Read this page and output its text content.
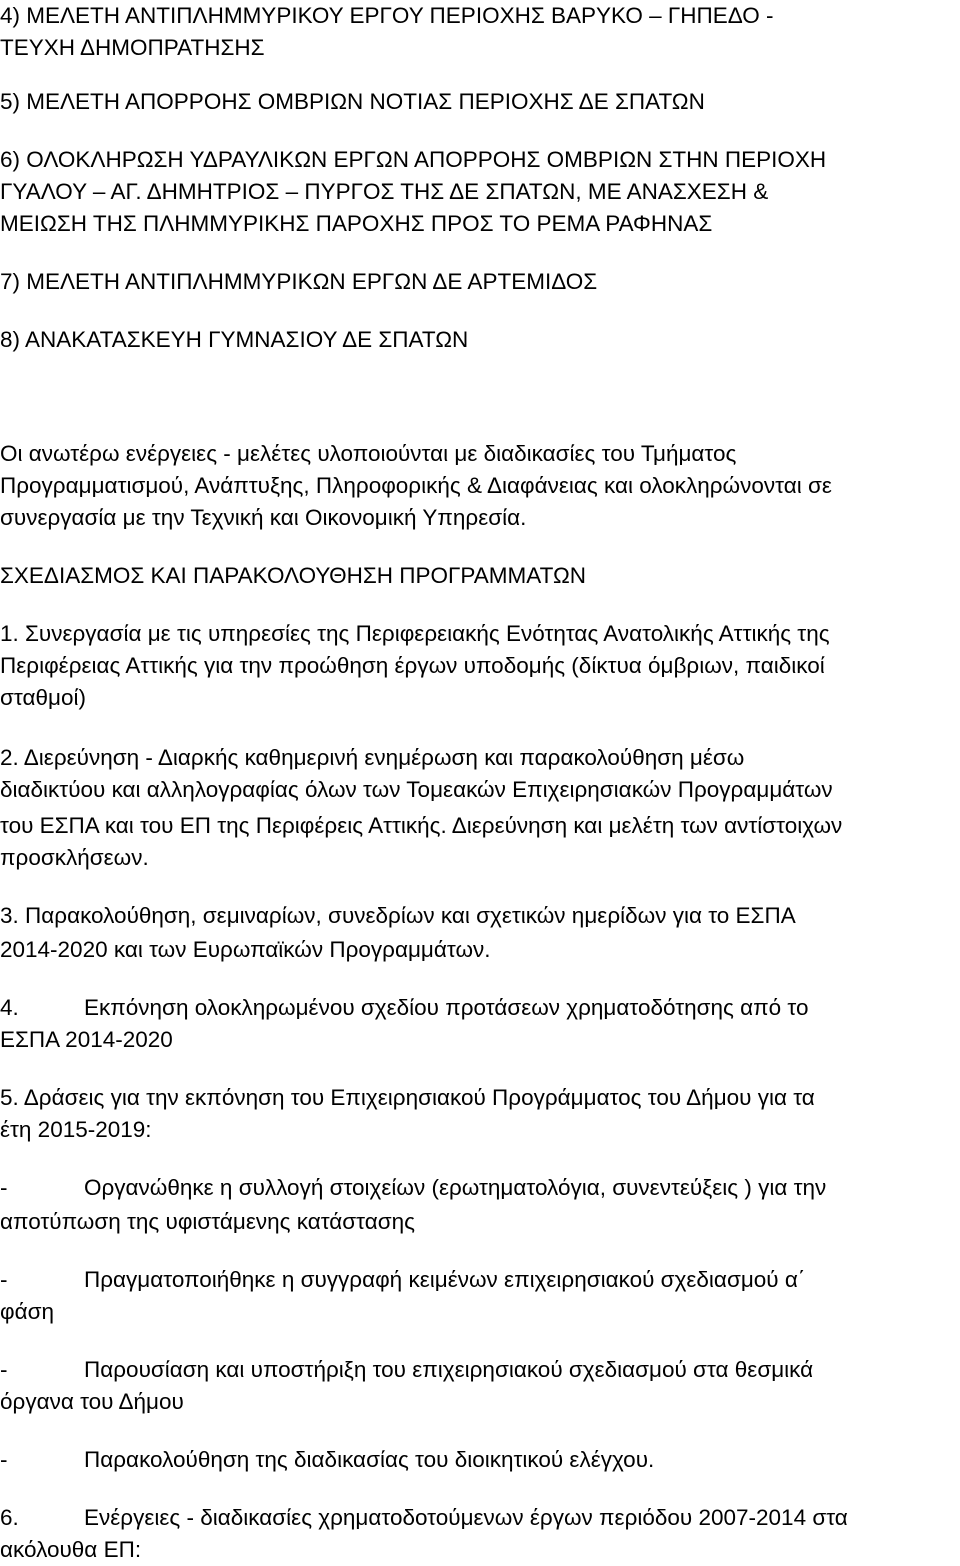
4) ΜΕΛΕΤΗ ΑΝΤΙΠΛΗΜΜΥΡΙΚΟΥ ΕΡΓΟΥ ΠΕΡΙΟΧΗΣ ΒΑΡΥΚΟ – ΓΗΠΕΔΟ -
ΤΕΥΧΗ ΔΗΜΟΠΡΑΤΗΣΗΣ
5) ΜΕΛΕΤΗ ΑΠΟΡΡΟΗΣ ΟΜΒΡΙΩΝ ΝΟΤΙΑΣ ΠΕΡΙΟΧΗΣ ΔΕ ΣΠΑΤΩΝ
6) ΟΛΟΚΛΗΡΩΣΗ ΥΔΡΑΥΛΙΚΩΝ ΕΡΓΩΝ ΑΠΟΡΡΟΗΣ ΟΜΒΡΙΩΝ ΣΤΗΝ ΠΕΡΙΟΧΗ
ΓΥΑΛΟΥ – ΑΓ. ΔΗΜΗΤΡΙΟΣ – ΠΥΡΓΟΣ ΤΗΣ ΔΕ ΣΠΑΤΩΝ, ΜΕ ΑΝΑΣΧΕΣΗ &
ΜΕΙΩΣΗ ΤΗΣ ΠΛΗΜΜΥΡΙΚΗΣ ΠΑΡΟΧΗΣ ΠΡΟΣ ΤΟ ΡΕΜΑ ΡΑΦΗΝΑΣ
7) ΜΕΛΕΤΗ ΑΝΤΙΠΛΗΜΜΥΡΙΚΩΝ ΕΡΓΩΝ ΔΕ ΑΡΤΕΜΙΔΟΣ
8) ΑΝΑΚΑΤΑΣΚΕΥΗ ΓΥΜΝΑΣΙΟΥ ΔΕ ΣΠΑΤΩΝ
Οι ανωτέρω ενέργειες - μελέτες υλοποιούνται με διαδικασίες του Τμήματος
Προγραμματισμού, Ανάπτυξης, Πληροφορικής & Διαφάνειας και ολοκληρώνονται σε
συνεργασία με την Τεχνική και Οικονομική Υπηρεσία.
ΣΧΕΔΙΑΣΜΟΣ ΚΑΙ ΠΑΡΑΚΟΛΟΥΘΗΣΗ ΠΡΟΓΡΑΜΜΑΤΩΝ
1. Συνεργασία με τις υπηρεσίες της Περιφερειακής Ενότητας Ανατολικής Αττικής της
Περιφέρειας Αττικής για την προώθηση έργων υποδομής (δίκτυα όμβριων, παιδικοί
σταθμοί)
2. Διερεύνηση - Διαρκής καθημερινή ενημέρωση και παρακολούθηση μέσω
διαδικτύου και αλληλογραφίας όλων των Τομεακών Επιχειρησιακών Προγραμμάτων
του ΕΣΠΑ και του ΕΠ της Περιφέρεις Αττικής. Διερεύνηση και μελέτη των αντίστοιχων
προσκλήσεων.
3. Παρακολούθηση, σεμιναρίων, συνεδρίων και σχετικών ημερίδων για το ΕΣΠΑ
2014-2020 και των Ευρωπαϊκών Προγραμμάτων.
4.	Εκπόνηση ολοκληρωμένου σχεδίου προτάσεων χρηματοδότησης από το
ΕΣΠΑ 2014-2020
5. Δράσεις για την εκπόνηση του Επιχειρησιακού Προγράμματος του Δήμου για τα
έτη 2015-2019:
-	Οργανώθηκε η συλλογή στοιχείων (ερωτηματολόγια, συνεντεύξεις ) για την
αποτύπωση της υφιστάμενης κατάστασης
-	Πραγματοποιήθηκε η συγγραφή κειμένων επιχειρησιακού σχεδιασμού α΄
φάση
-	Παρουσίαση και υποστήριξη του επιχειρησιακού σχεδιασμού στα θεσμικά
όργανα του Δήμου
-	Παρακολούθηση της διαδικασίας του διοικητικού ελέγχου.
6.	Ενέργειες - διαδικασίες χρηματοδοτούμενων έργων περιόδου 2007-2014 στα
ακόλουθα ΕΠ:
